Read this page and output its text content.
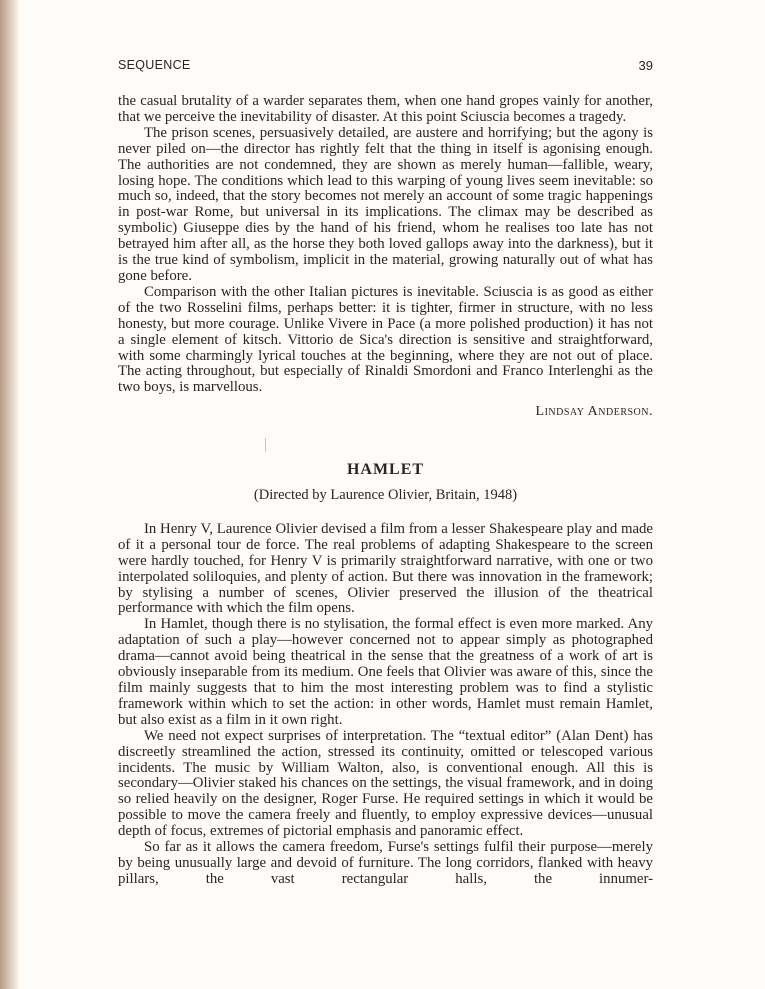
SEQUENCE	39

the casual brutality of a warder separates them, when one hand gropes vainly for another, that we perceive the inevitability of disaster. At this point Sciuscia becomes a tragedy.

The prison scenes, persuasively detailed, are austere and horrifying; but the agony is never piled on—the director has rightly felt that the thing in itself is agonising enough. The authorities are not condemned, they are shown as merely human—fallible, weary, losing hope. The conditions which lead to this warping of young lives seem inevitable: so much so, indeed, that the story becomes not merely an account of some tragic happenings in post-war Rome, but universal in its implications. The climax may be described as symbolic) Giuseppe dies by the hand of his friend, whom he realises too late has not betrayed him after all, as the horse they both loved gallops away into the darkness), but it is the true kind of symbolism, implicit in the material, growing naturally out of what has gone before.

Comparison with the other Italian pictures is inevitable. Sciuscia is as good as either of the two Rosselini films, perhaps better: it is tighter, firmer in structure, with no less honesty, but more courage. Unlike Vivere in Pace (a more polished production) it has not a single element of kitsch. Vittorio de Sica's direction is sensitive and straightforward, with some charmingly lyrical touches at the beginning, where they are not out of place. The acting throughout, but especially of Rinaldi Smordoni and Franco Interlenghi as the two boys, is marvellous.

Lindsay Anderson.

HAMLET

(Directed by Laurence Olivier, Britain, 1948)

In Henry V, Laurence Olivier devised a film from a lesser Shakespeare play and made of it a personal tour de force. The real problems of adapting Shakespeare to the screen were hardly touched, for Henry V is primarily straightforward narrative, with one or two interpolated soliloquies, and plenty of action. But there was innovation in the framework; by stylising a number of scenes, Olivier preserved the illusion of the theatrical performance with which the film opens.

In Hamlet, though there is no stylisation, the formal effect is even more marked. Any adaptation of such a play—however concerned not to appear simply as photographed drama—cannot avoid being theatrical in the sense that the greatness of a work of art is obviously inseparable from its medium. One feels that Olivier was aware of this, since the film mainly suggests that to him the most interesting problem was to find a stylistic framework within which to set the action: in other words, Hamlet must remain Hamlet, but also exist as a film in it own right.

We need not expect surprises of interpretation. The “textual editor” (Alan Dent) has discreetly streamlined the action, stressed its continuity, omitted or telescoped various incidents. The music by William Walton, also, is conventional enough. All this is secondary—Olivier staked his chances on the settings, the visual framework, and in doing so relied heavily on the designer, Roger Furse. He required settings in which it would be possible to move the camera freely and fluently, to employ expressive devices—unusual depth of focus, extremes of pictorial emphasis and panoramic effect.

So far as it allows the camera freedom, Furse's settings fulfil their purpose—merely by being unusually large and devoid of furniture. The long corridors, flanked with heavy pillars, the vast rectangular halls, the innumer-
